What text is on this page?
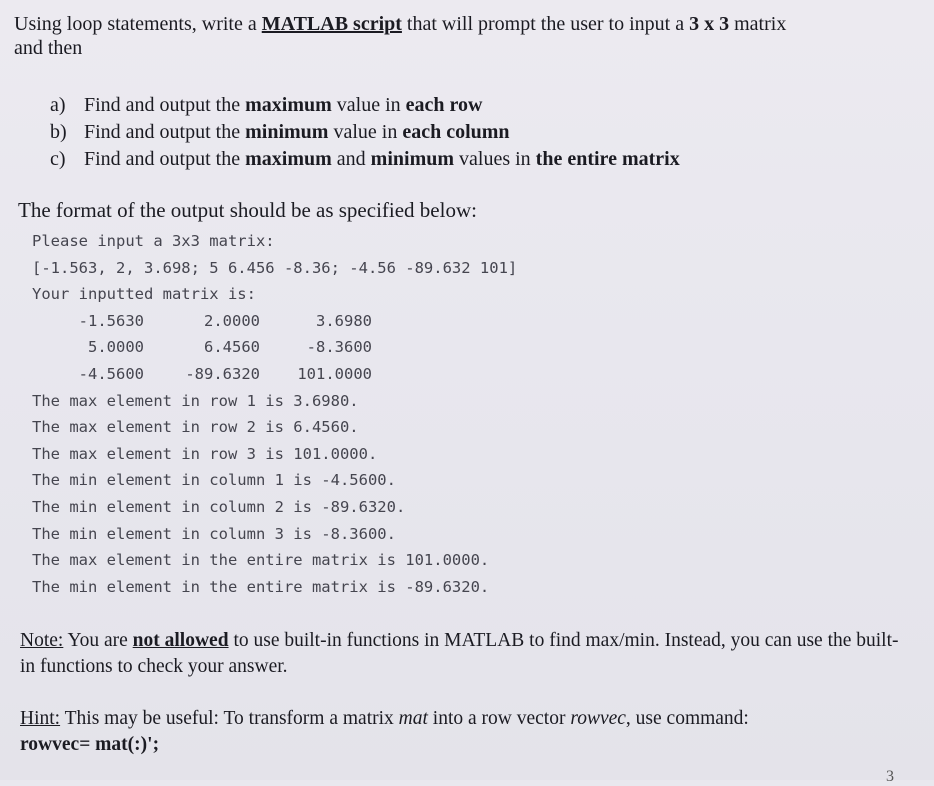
Using loop statements, write a MATLAB script that will prompt the user to input a 3 x 3 matrix
and then
a) Find and output the maximum value in each row
b) Find and output the minimum value in each column
c) Find and output the maximum and minimum values in the entire matrix
The format of the output should be as specified below:
Please input a 3x3 matrix:
[-1.563, 2, 3.698; 5 6.456 -8.36; -4.56 -89.632 101]
Your inputted matrix is:
-1.5630	2.0000	3.6980
5.0000	6.4560	-8.3600
-4.5600	-89.6320	101.0000
The max element in row 1 is 3.6980.
The max element in row 2 is 6.4560.
The max element in row 3 is 101.0000.
The min element in column 1 is -4.5600.
The min element in column 2 is -89.6320.
The min element in column 3 is -8.3600.
The max element in the entire matrix is 101.0000.
The min element in the entire matrix is -89.6320.
Note: You are not allowed to use built-in functions in MATLAB to find max/min. Instead, you can use the built-in functions to check your answer.
Hint: This may be useful: To transform a matrix mat into a row vector rowvec, use command:
rowvec= mat(:)';
3
